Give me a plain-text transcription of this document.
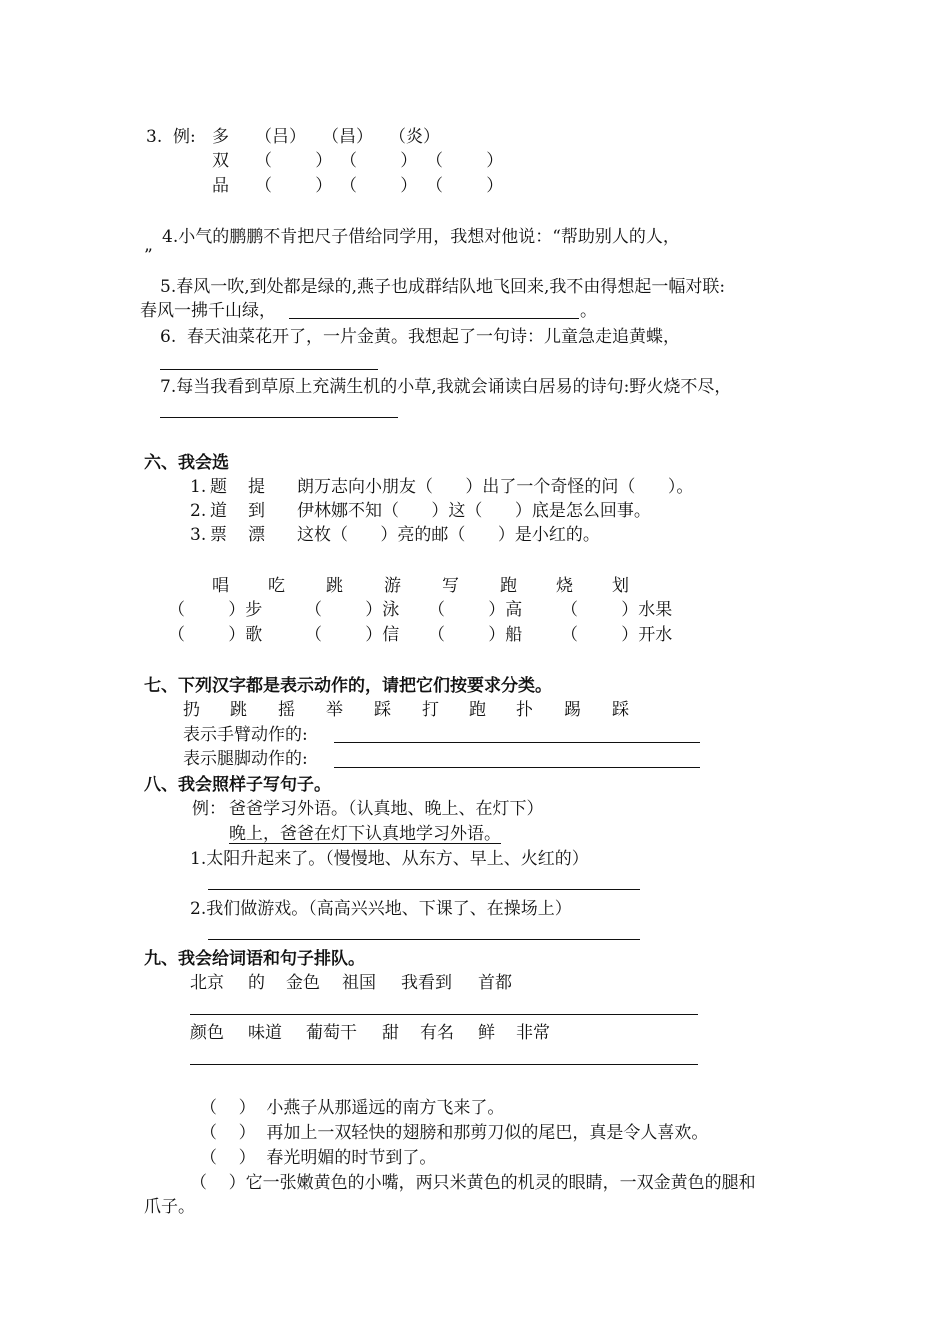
3.  例: 多 （吕） （昌） （炎）
双 （        ） （        ） （        ）
品 （        ） （        ） （        ）
4.小气的鹏鹏不肯把尺子借给同学用，我想对他说：“帮助别人的人，
”
5.春风一吹,到处都是绿的,燕子也成群结队地飞回来,我不由得想起一幅对联:
春风一拂千山绿，	。
6.  春天油菜花开了，一片金黄。我想起了一句诗：儿童急走追黄蝶，
7.每当我看到草原上充满生机的小草,我就会诵读白居易的诗句:野火烧不尽，
六、我会选
1. 题 提 朗万志向小朋友（      ）出了一个奇怪的问（      ）。
2. 道 到 伊林娜不知（      ）这（      ）底是怎么回事。
3. 票 漂 这枚（      ）亮的邮（      ）是小红的。
唱 吃 跳 游 写 跑 烧 划
（        ）步	（        ）泳 （        ）高 （        ）水果
（        ）歌	（        ）信 （        ）船 （        ）开水
七、下列汉字都是表示动作的，请把它们按要求分类。
扔 跳 摇 举 踩 打 跑 扑 踢 踩
表示手臂动作的:
表示腿脚动作的:
八、我会照样子写句子。
例： 爸爸学习外语。（认真地、晚上、在灯下）
晚上，爸爸在灯下认真地学习外语。
1.太阳升起来了。（慢慢地、从东方、早上、火红的）
2.我们做游戏。（高高兴兴地、下课了、在操场上）
九、我会给词语和句子排队。
北京 的 金色 祖国 我看到 首都
颜色 味道 葡萄干 甜 有名 鲜 非常
（    ）  小燕子从那遥远的南方飞来了。
（    ）  再加上一双轻快的翅膀和那剪刀似的尾巴，真是令人喜欢。
（    ）  春光明媚的时节到了。
（    ）它一张嫩黄色的小嘴，两只米黄色的机灵的眼睛，一双金黄色的腿和
爪子。
